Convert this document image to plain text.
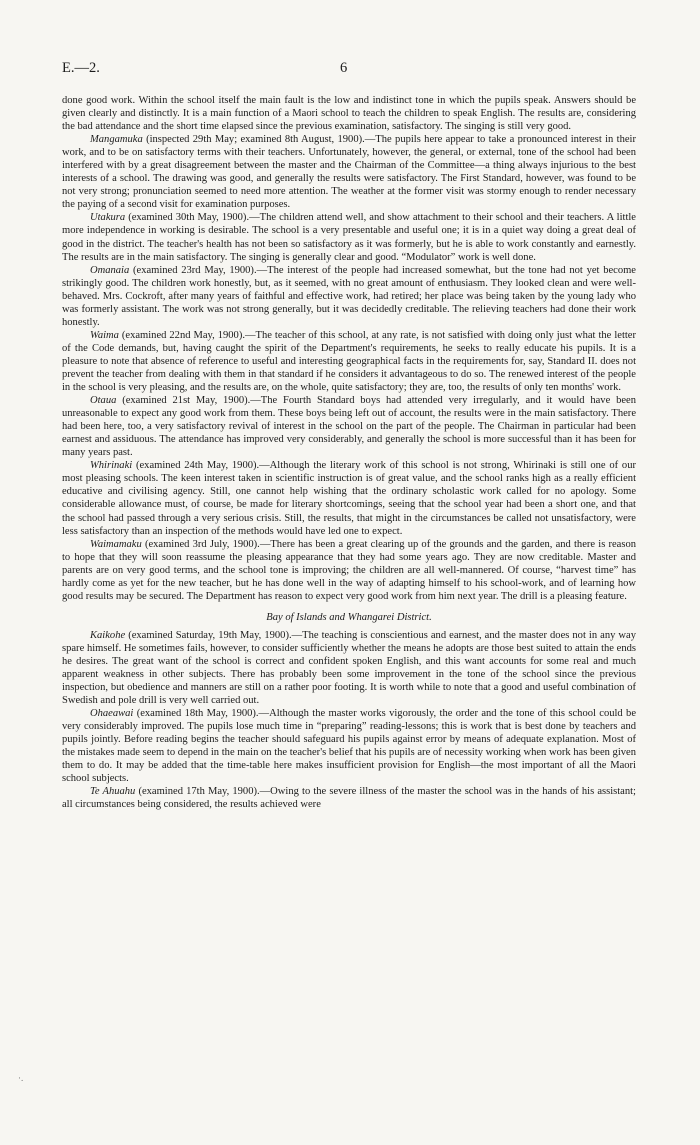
E.—2.	6

done good work. Within the school itself the main fault is the low and indistinct tone in which the pupils speak. Answers should be given clearly and distinctly. It is a main function of a Maori school to teach the children to speak English. The results are, considering the bad attendance and the short time elapsed since the previous examination, satisfactory. The singing is still very good.

Mangamuka (inspected 29th May; examined 8th August, 1900).—The pupils here appear to take a pronounced interest in their work, and to be on satisfactory terms with their teachers. Unfortunately, however, the general, or external, tone of the school had been interfered with by a great disagreement between the master and the Chairman of the Committee—a thing always injurious to the best interests of a school. The drawing was good, and generally the results were satisfactory. The First Standard, however, was found to be not very strong; pronunciation seemed to need more attention. The weather at the former visit was stormy enough to render necessary the paying of a second visit for examination purposes.

Utakura (examined 30th May, 1900).—The children attend well, and show attachment to their school and their teachers. A little more independence in working is desirable. The school is a very presentable and useful one; it is in a quiet way doing a great deal of good in the district. The teacher's health has not been so satisfactory as it was formerly, but he is able to work constantly and earnestly. The results are in the main satisfactory. The singing is generally clear and good. “Modulator” work is well done.

Omanaia (examined 23rd May, 1900).—The interest of the people had increased somewhat, but the tone had not yet become strikingly good. The children work honestly, but, as it seemed, with no great amount of enthusiasm. They looked clean and were well-behaved. Mrs. Cockroft, after many years of faithful and effective work, had retired; her place was being taken by the young lady who was formerly assistant. The work was not strong generally, but it was decidedly creditable. The relieving teachers had done their work honestly.

Waima (examined 22nd May, 1900).—The teacher of this school, at any rate, is not satisfied with doing only just what the letter of the Code demands, but, having caught the spirit of the Department's requirements, he seeks to really educate his pupils. It is a pleasure to note that absence of reference to useful and interesting geographical facts in the requirements for, say, Standard II. does not prevent the teacher from dealing with them in that standard if he considers it advantageous to do so. The renewed interest of the people in the school is very pleasing, and the results are, on the whole, quite satisfactory; they are, too, the results of only ten months' work.

Otaua (examined 21st May, 1900).—The Fourth Standard boys had attended very irregularly, and it would have been unreasonable to expect any good work from them. These boys being left out of account, the results were in the main satisfactory. There had been here, too, a very satisfactory revival of interest in the school on the part of the people. The Chairman in particular had been earnest and assiduous. The attendance has improved very considerably, and generally the school is more successful than it has been for many years past.

Whirinaki (examined 24th May, 1900).—Although the literary work of this school is not strong, Whirinaki is still one of our most pleasing schools. The keen interest taken in scientific instruction is of great value, and the school ranks high as a really efficient educative and civilising agency. Still, one cannot help wishing that the ordinary scholastic work called for no apology. Some considerable allowance must, of course, be made for literary shortcomings, seeing that the school year had been a short one, and that the school had passed through a very serious crisis. Still, the results, that might in the circumstances be called not unsatisfactory, were less satisfactory than an inspection of the methods would have led one to expect.

Waimamaku (examined 3rd July, 1900).—There has been a great clearing up of the grounds and the garden, and there is reason to hope that they will soon reassume the pleasing appearance that they had some years ago. They are now creditable. Master and parents are on very good terms, and the school tone is improving; the children are all well-mannered. Of course, “harvest time” has hardly come as yet for the new teacher, but he has done well in the way of adapting himself to his school-work, and of learning how good results may be secured. The Department has reason to expect very good work from him next year. The drill is a pleasing feature.

Bay of Islands and Whangarei District.

Kaikohe (examined Saturday, 19th May, 1900).—The teaching is conscientious and earnest, and the master does not in any way spare himself. He sometimes fails, however, to consider sufficiently whether the means he adopts are those best suited to attain the ends he desires. The great want of the school is correct and confident spoken English, and this want accounts for some real and much apparent weakness in other subjects. There has probably been some improvement in the tone of the school since the previous inspection, but obedience and manners are still on a rather poor footing. It is worth while to note that a good and useful combination of Swedish and pole drill is very well carried out.

Ohaeawai (examined 18th May, 1900).—Although the master works vigorously, the order and the tone of this school could be very considerably improved. The pupils lose much time in “preparing” reading-lessons; this is work that is best done by teachers and pupils jointly. Before reading begins the teacher should safeguard his pupils against error by means of adequate explanation. Most of the mistakes made seem to depend in the main on the teacher's belief that his pupils are of necessity working when work has been given them to do. It may be added that the time-table here makes insufficient provision for English—the most important of all the Maori school subjects.

Te Ahuahu (examined 17th May, 1900).—Owing to the severe illness of the master the school was in the hands of his assistant; all circumstances being considered, the results achieved were

·.
